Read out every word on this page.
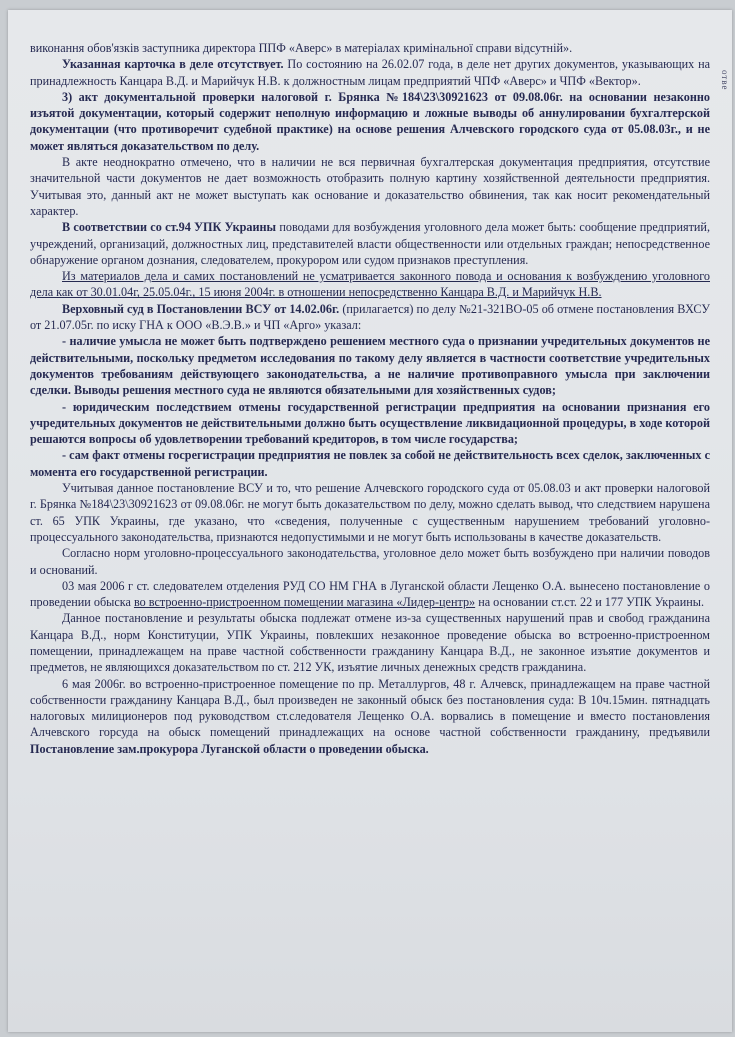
отве

виконання обов'язків заступника директора ППФ «Аверс» в матеріалах кримінальної справи відсутній».

Указанная карточка в деле отсутствует. По состоянию на 26.02.07 года, в деле нет других документов, указывающих на принадлежность Канцара В.Д. и Марийчук Н.В. к должностным лицам предприятий ЧПФ «Аверс» и ЧПФ «Вектор».

3) акт документальной проверки налоговой г. Брянка №184\23\30921623 от 09.08.06г. на основании незаконно изъятой документации, который содержит неполную информацию и ложные выводы об аннулировании бухгалтерской документации (что противоречит судебной практике) на основе решения Алчевского городского суда от 05.08.03г., и не может являться доказательством по делу.

В акте неоднократно отмечено, что в наличии не вся первичная бухгалтерская документация предприятия, отсутствие значительной части документов не дает возможность отобразить полную картину хозяйственной деятельности предприятия. Учитывая это, данный акт не может выступать как основание и доказательство обвинения, так как носит рекомендательный характер.

В соответствии со ст.94 УПК Украины поводами для возбуждения уголовного дела может быть: сообщение предприятий, учреждений, организаций, должностных лиц, представителей власти общественности или отдельных граждан; непосредственное обнаружение органом дознания, следователем, прокурором или судом признаков преступления.

Из материалов дела и самих постановлений не усматривается законного повода и основания к возбуждению уголовного дела как от 30.01.04г, 25.05.04г., 15 июня 2004г. в отношении непосредственно Канцара В.Д. и Марийчук Н.В.

Верховный суд в Постановлении ВСУ от 14.02.06г. (прилагается) по делу №21-321ВО-05 об отмене постановления ВХСУ от 21.07.05г. по иску ГНА к ООО «В.Э.В.» и ЧП «Арго» указал:

- наличие умысла не может быть подтверждено решением местного суда о признании учредительных документов не действительными, поскольку предметом исследования по такому делу является в частности соответствие учредительных документов требованиям действующего законодательства, а не наличие противоправного умысла при заключении сделки. Выводы решения местного суда не являются обязательными для хозяйственных судов;

- юридическим последствием отмены государственной регистрации предприятия на основании признания его учредительных документов не действительными должно быть осуществление ликвидационной процедуры, в ходе которой решаются вопросы об удовлетворении требований кредиторов, в том числе государства;

- сам факт отмены госрегистрации предприятия не повлек за собой не действительность всех сделок, заключенных с момента его государственной регистрации.

Учитывая данное постановление ВСУ и то, что решение Алчевского городского суда от 05.08.03 и акт проверки налоговой г. Брянка №184\23\30921623 от 09.08.06г. не могут быть доказательством по делу, можно сделать вывод, что следствием нарушена ст. 65 УПК Украины, где указано, что «сведения, полученные с существенным нарушением требований уголовно-процессуального законодательства, признаются недопустимыми и не могут быть использованы в качестве доказательств.

Согласно норм уголовно-процессуального законодательства, уголовное дело может быть возбуждено при наличии поводов и оснований.

03 мая 2006 г ст. следователем отделения РУД СО НМ ГНА в Луганской области Лещенко О.А. вынесено постановление о проведении обыска во встроенно-пристроенном помещении магазина «Лидер-центр» на основании ст.ст. 22 и 177 УПК Украины.

Данное постановление и результаты обыска подлежат отмене из-за существенных нарушений прав и свобод гражданина Канцара В.Д., норм Конституции, УПК Украины, повлекших незаконное проведение обыска во встроенно-пристроенном помещении, принадлежащем на праве частной собственности гражданину Канцара В.Д., не законное изъятие документов и предметов, не являющихся доказательством по ст. 212 УК, изъятие личных денежных средств гражданина.

6 мая 2006г. во встроенно-пристроенное помещение по пр. Металлургов, 48 г. Алчевск, принадлежащем на праве частной собственности гражданину Канцара В.Д., был произведен не законный обыск без постановления суда: В 10ч.15мин. пятнадцать налоговых милиционеров под руководством ст.следователя Лещенко О.А. ворвались в помещение и вместо постановления Алчевского горсуда на обыск помещений принадлежащих на основе частной собственности гражданину, предъявили Постановление зам.прокурора Луганской области о проведении обыска.
